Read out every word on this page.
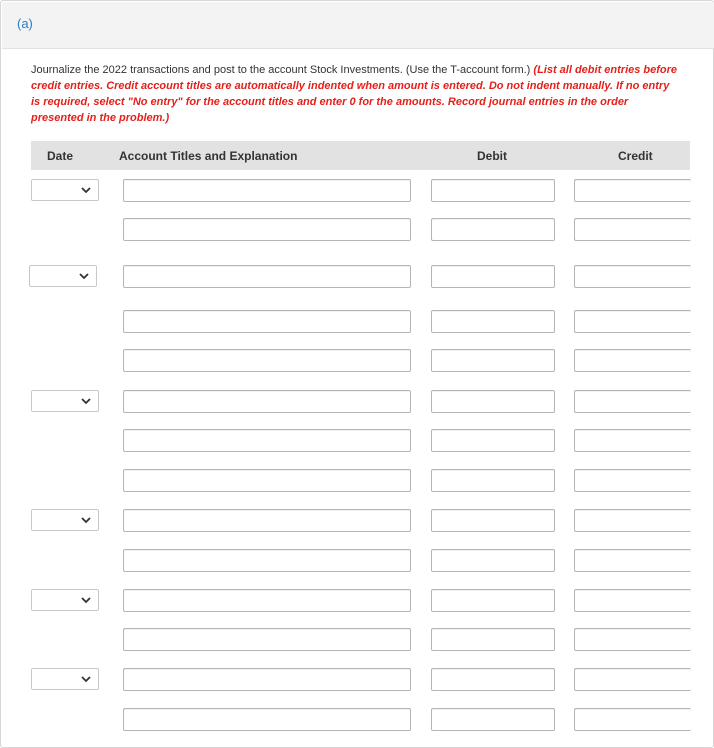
(a)
Journalize the 2022 transactions and post to the account Stock Investments. (Use the T-account form.) (List all debit entries before credit entries. Credit account titles are automatically indented when amount is entered. Do not indent manually. If no entry is required, select "No entry" for the account titles and enter 0 for the amounts. Record journal entries in the order presented in the problem.)
Date	Account Titles and Explanation	Debit	Credit
